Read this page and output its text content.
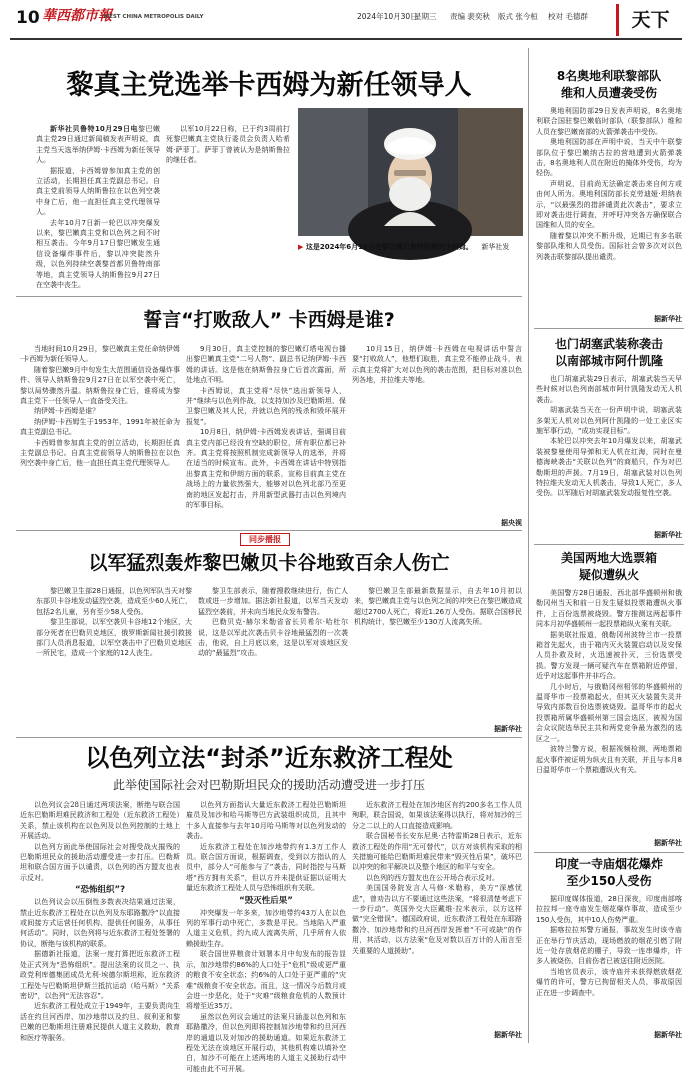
10 華西都市報
WEST CHINA METROPOLIS DAILY	2024年10月30日
星期三 责编 裴奕秋 版式 张今桓 校对 毛德群	天下
黎真主党选举卡西姆为新任领导人

新华社贝鲁特10月29日电黎巴嫩真主党29日通过新闻稿发表声明说，真主党当天选举纳伊姆·卡西姆为新任领导人。

据报道，卡西姆曾参加真主党的创立活动，长期担任真主党副总书记。自真主党前领导人纳斯鲁拉在以色列空袭中身亡后，他一直担任真主党代理领导人。

去年10月7日新一轮巴以冲突爆发以来，黎巴嫩真主党和以色列之间不时相互袭击。今年9月17日黎巴嫩发生通信设备爆炸事件后，黎以冲突陡然升级，以色列持续空袭黎首都贝鲁特南部等地，真主党领导人纳斯鲁拉9月27日在空袭中丧生。

以军10月22日称，已于约3周前打死黎巴嫩真主党执行委员会负责人哈希姆·萨菲丁。萨菲丁曾被认为是纳斯鲁拉的继任者。

▶ 这是2024年6月19日在黎巴嫩贝鲁特拍摄的卡西姆。 新华社发
誓言“打败敌人” 卡西姆是谁?

当地时间10月29日，黎巴嫩真主党任命纳伊姆·卡西姆为新任领导人。

随着黎巴嫩9月中旬发生大范围通信设备爆炸事件、领导人纳斯鲁拉9月27日在以军空袭中死亡，黎以局势骤然升温。纳斯鲁拉身亡后，谁将成为黎真主党下一任领导人一直备受关注。

纳伊姆·卡西姆是谁？

纳伊姆·卡西姆生于1953年，1991年被任命为真主党副总书记。

卡西姆曾参加真主党的创立活动，长期担任真主党副总书记。自真主党前领导人纳斯鲁拉在以色列空袭中身亡后，他一直担任真主党代理领导人。

9月30日，真主党控制的黎巴嫩灯塔电视台播出黎巴嫩真主党“二号人物”、副总书记纳伊姆·卡西姆的讲话。这是他在纳斯鲁拉身亡后首次露面，所处地点不明。

卡西姆说，真主党将“尽快”选出新领导人，并“继续与以色列作战，以支持加沙及巴勒斯坦、保卫黎巴嫩及其人民，并就以色列的残杀和毁坏展开报复”。

10月8日，纳伊姆·卡西姆发表讲话，强调目前真主党内部已经没有空缺的职位，所有职位都已补齐。真主党将按照机制完成新领导人的选举，并将在适当的时候宣布。此外，卡西姆在讲话中特别指出黎真主党和伊朗方面的联系，宣称目前真主党在战场上的力量依然强大，能够对以色列北部乃至更南的地区发起打击，并用新型武器打击以色列境内的军事目标。

10月15日，纳伊姆·卡西姆在电视讲话中誓言要“打败敌人”，他想们取胜，真主党不能停止战斗，表示真主党将扩大对以色列的袭击范围，把目标对准以色列各地，并拉维夫等地。

据央视
同步播报
以军猛烈轰炸黎巴嫩贝卡谷地致百余人伤亡

黎巴嫩卫生部28日通报，以色列军队当天对黎东部贝卡谷地发动猛烈空袭，造成至少60人死亡，包括2名儿童，另有至少58人受伤。

黎卫生部说，以军空袭贝卡谷地12个地区，大部分死者在巴勒贝克地区，俄罗斯新闻社援引救援部门人员消息报道，以军空袭击中了巴勒贝克地区一所民宅，造成一个家庭的12人丧生。

黎卫生部表示，随着搜救继续进行，伤亡人数或进一步增加。据法新社报道，以军当天发动猛烈空袭前，并未向当地民众发布警告。

巴勒贝克-赫尔米勒省省长贝希尔·哈杜尔说，这是以军此次袭击贝卡谷地最猛烈的一次袭击，他说，自上月底以来，这是以军对该地区发动的“最猛烈”攻击。

黎巴嫩卫生部最新数据显示，自去年10月初以来，黎巴嫩真主党与以色列之间的冲突已在黎巴嫩造成超过2700人死亡，将近1.26万人受伤。据联合国移民机构统计，黎巴嫩至少130万人流离失所。

据新华社
以色列立法“封杀”近东救济工程处
此举使国际社会对巴勒斯坦民众的援助活动遭受进一步打压

以色列议会28日通过两项法案，断绝与联合国近东巴勒斯坦难民救济和工程处（近东救济工程处）关系，禁止该机构在以色列及以色列控制的土地上开展活动。

以色列方面此举使国际社会对搜受战火摧残的巴勒斯坦民众的援助活动遭受进一步打压。巴勒斯坦和联合国方面予以谴责，以色列的西方盟友也表示反对。

“恐怖组织”?

以色列议会以压倒性多数表决结果通过法案，禁止近东救济工程处在以色列及东耶路撒冷“以直接或间接方式运营任何机构、提供任何服务，从事任何活动”。同时，以色列将与近东救济工程处签署的协议，断绝与该机构的联系。

据德新社报道，法案一度打算把近东救济工程处正式列为“恐怖组织”。提出法案的议员之一、执政党利库德集团成员尤利·埃德尔斯坦称，近东救济工程处与巴勒斯坦伊斯兰抵抗运动（哈马斯）“关系密切”，以色列“无法容忍”。

近东救济工程处成立于1949年，主要负责向生活在约旦河西岸、加沙地带以及约旦、叙利亚和黎巴嫩的巴勒斯坦注册难民提供人道主义救助，教育和医疗等服务。

以色列方面指认大量近东救济工程处巴勒斯坦雇员及加沙和哈马斯等巴方武装组织成员，且其中十多人直接参与去年10月哈马斯等对以色列发动的袭击。

近东救济工程处在加沙地带约有1.3万工作人员。联合国方面说，根据调查，受到以方指认的人员中，部分人“可能参与了”袭击，同时指控与马斯塔“西方拥有关系”，但以方并未提供证据以证明大量近东救济工程处人员与恐怖组织有关联。

“毁灭性后果”

冲突爆发一年多来，加沙地带约43万人在以色列的军事行动中死亡，多数是平民。当地陷入严重人道主义危机，约九成人流离失所，几乎所有人依赖援助生存。

联合国世界粮食计划署本月中旬发布的报告显示，加沙地带约86%的人口处于“危机”级或更严重的粮食不安全状态；约6%的人口处于更严重的“灾难”级粮食不安全状态。而且，这一情况今后数月或会进一步恶化，处于“灾难”级粮食危机的人数预计将增至近35万。

虽然以色列议会通过的法案只涵盖以色列和东耶路撒冷，但以色列即将控制加沙地带和约旦河西岸的通道以及对加沙的援助通道。如果近东救济工程处无法在该地区开展行动，其他机构难以填补空白，加沙不可能在上述两地的人道主义援助行动中可能由此不可开展。

近东救济工程处在加沙地区有约200多名工作人员殉职，联合国说，如果该法案得以执行，将对加沙的三分之二以上的人口直接造成影响。

联合国秘书长安东尼奥·古特雷斯28日表示，近东救济工程处的作用“无可替代”，以方对该机构采取的相关措施可能给巴勒斯坦难民带来“毁灭性后果”，破坏巴以冲突的和平解决以及整个地区的和平与安全。

以色列的西方盟友也在公开场合表示反对。

美国国务院发言人马修·米勒称，美方“深感忧虑”，曾劝告以方不要通过这些法案，“将很清楚考虑下一步行动”。英国外交大臣戴维·拉米表示，以方这样做“完全错误”。德国政府说，近东救济工程处在东耶路撒冷、加沙地带和约旦河西岸发挥着“不可或缺”的作用，其活动，以方法案“危及对数以百万计的人而言至关重要的人道援助”。

据新华社
8名奥地利联黎部队
维和人员遭袭受伤

奥地利国防部29日发表声明说，8名奥地利联合国驻黎巴嫩临时部队（联黎部队）维和人员在黎巴嫩南部的火箭弹袭击中受伤。

奥地利国防部在声明中说，当天中午联黎部队位于黎巴嫩纳古拉的营地遭到火箭弹袭击，8名奥地利人员在附近的掩体外受伤，均为轻伤。

声明说，目前尚无法确定袭击来自何方或由何人所为。奥地利国防部长克劳迪娅·坦纳表示，“以最强烈的措辞谴责此次袭击”，要求立即对袭击进行调查，并呼吁冲突各方确保联合国维和人员的安全。

随着黎以冲突不断升级，近期已有多名联黎部队维和人员受伤。国际社会曾多次对以色列袭击联黎部队提出谴责。

据新华社
也门胡塞武装称袭击
以南部城市阿什凯隆

也门胡塞武装29日表示，胡塞武装当天早些时候对以色列南部城市阿什凯隆发动无人机袭击。

胡塞武装当天在一份声明中说，胡塞武装多架无人机对以色列阿什凯隆的一处工业区实施军事行动，“成功实现目标”。

本轮巴以冲突去年10月爆发以来，胡塞武装被黎曼使用导弹和无人机在红海，同时在曼德海峡袭击“关联以色列”的商船只，作为对巴勒斯坦的声援。7月19日，胡塞武装对以色列特拉维夫发动无人机袭击，导致1人死亡，多人受伤。以军随后对胡塞武装发动报复性空袭。

据新华社
美国两地大选票箱
疑似遭纵火

美国警方28日通报，西北部华盛顿州和俄勒冈州当天和前一日发生疑似投票箱遭纵火事件，上百份选票被烧毁。警方推测这两起事件同本月初华盛顿州一起投票箱纵火案有关联。

据美联社报道，俄勒冈州波特兰市一投票箱首先起火，由于箱内灭火装置启动以及安保人员扑救及时，火迅速被扑灭，三份选票受损。警方发现一辆可疑汽车在票箱附近停留，近乎对这起事件并非巧合。

几小时后，与俄勒冈州相邻的华盛顿州的温哥华市一投票箱起火，但其灭火装置失灵并导致内部数百份选票被烧毁。温哥华市的起火投票箱所属华盛顿州第三国会选区，被视为国会众议院选举民主共和两党竞争最为激烈的选区之一。

波特兰警方说，根据视频检测，两地票箱起火事件被证明为纵火且有关联，并且与本月8日温哥华市一个票箱遭纵火有关。

据新华社
印度一寺庙烟花爆炸
至少150人受伤

据印度媒体报道，28日深夜，印度南部喀拉拉邦一座寺庙发生烟花爆炸事故，造成至少150人受伤，其中10人伤势严重。

据喀拉拉邦警方通报，事故发生时该寺庙正在举行节庆活动，现场燃放的烟花引燃了附近一处存放烟花的棚子，导致一连串爆炸，许多人被烧伤，目前伤者已被送往附近医院。

当地官员表示，该寺庙并未获得燃放烟花爆竹的许可，警方已拘留相关人员，事故原因正在进一步调查中。

据新华社
